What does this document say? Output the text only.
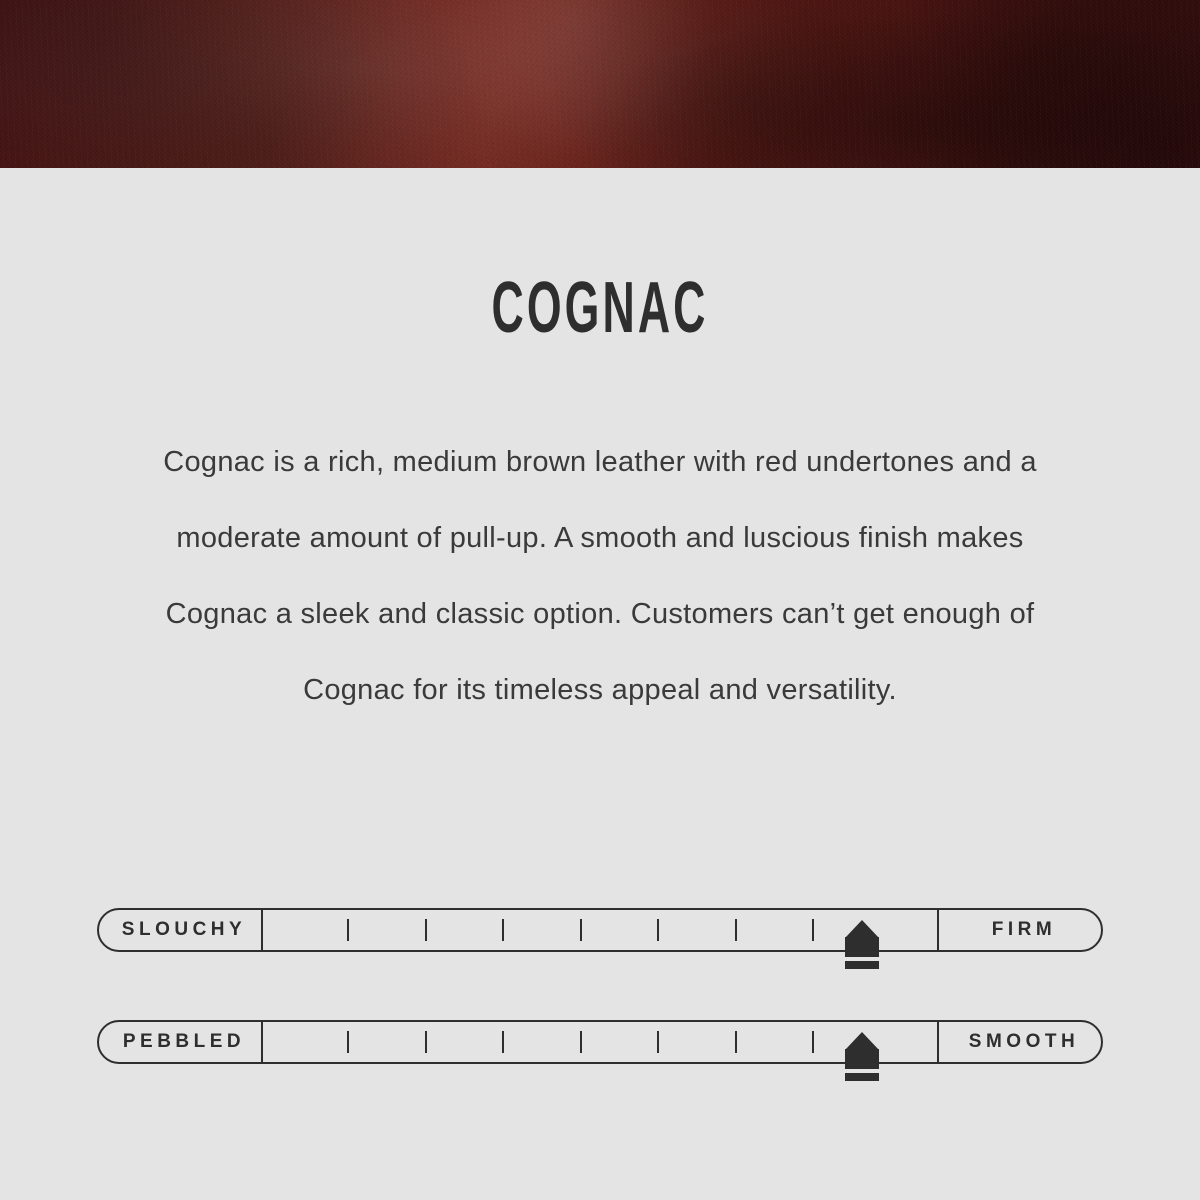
COGNAC
Cognac is a rich, medium brown leather with red undertones and a moderate amount of pull-up. A smooth and luscious finish makes Cognac a sleek and classic option. Customers can’t get enough of Cognac for its timeless appeal and versatility.
SLOUCHY	FIRM
PEBBLED	SMOOTH
